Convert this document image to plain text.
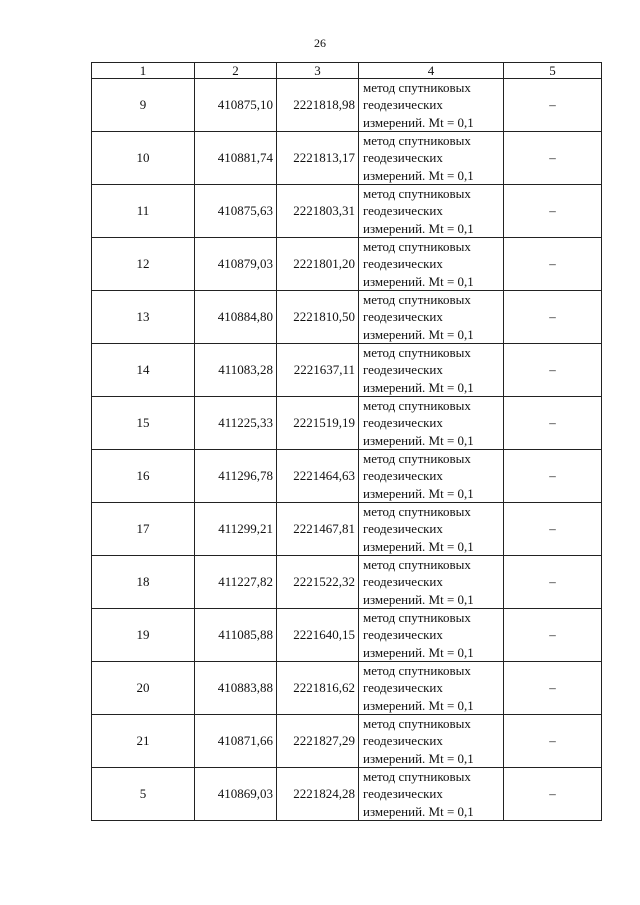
26
1	2	3	4	5
9	410875,10	2221818,98	метод спутниковых
геодезических
измерений. Mt = 0,1	–
10	410881,74	2221813,17	метод спутниковых
геодезических
измерений. Mt = 0,1	–
11	410875,63	2221803,31	метод спутниковых
геодезических
измерений. Mt = 0,1	–
12	410879,03	2221801,20	метод спутниковых
геодезических
измерений. Mt = 0,1	–
13	410884,80	2221810,50	метод спутниковых
геодезических
измерений. Mt = 0,1	–
14	411083,28	2221637,11	метод спутниковых
геодезических
измерений. Mt = 0,1	–
15	411225,33	2221519,19	метод спутниковых
геодезических
измерений. Mt = 0,1	–
16	411296,78	2221464,63	метод спутниковых
геодезических
измерений. Mt = 0,1	–
17	411299,21	2221467,81	метод спутниковых
геодезических
измерений. Mt = 0,1	–
18	411227,82	2221522,32	метод спутниковых
геодезических
измерений. Mt = 0,1	–
19	411085,88	2221640,15	метод спутниковых
геодезических
измерений. Mt = 0,1	–
20	410883,88	2221816,62	метод спутниковых
геодезических
измерений. Mt = 0,1	–
21	410871,66	2221827,29	метод спутниковых
геодезических
измерений. Mt = 0,1	–
5	410869,03	2221824,28	метод спутниковых
геодезических
измерений. Mt = 0,1	–
